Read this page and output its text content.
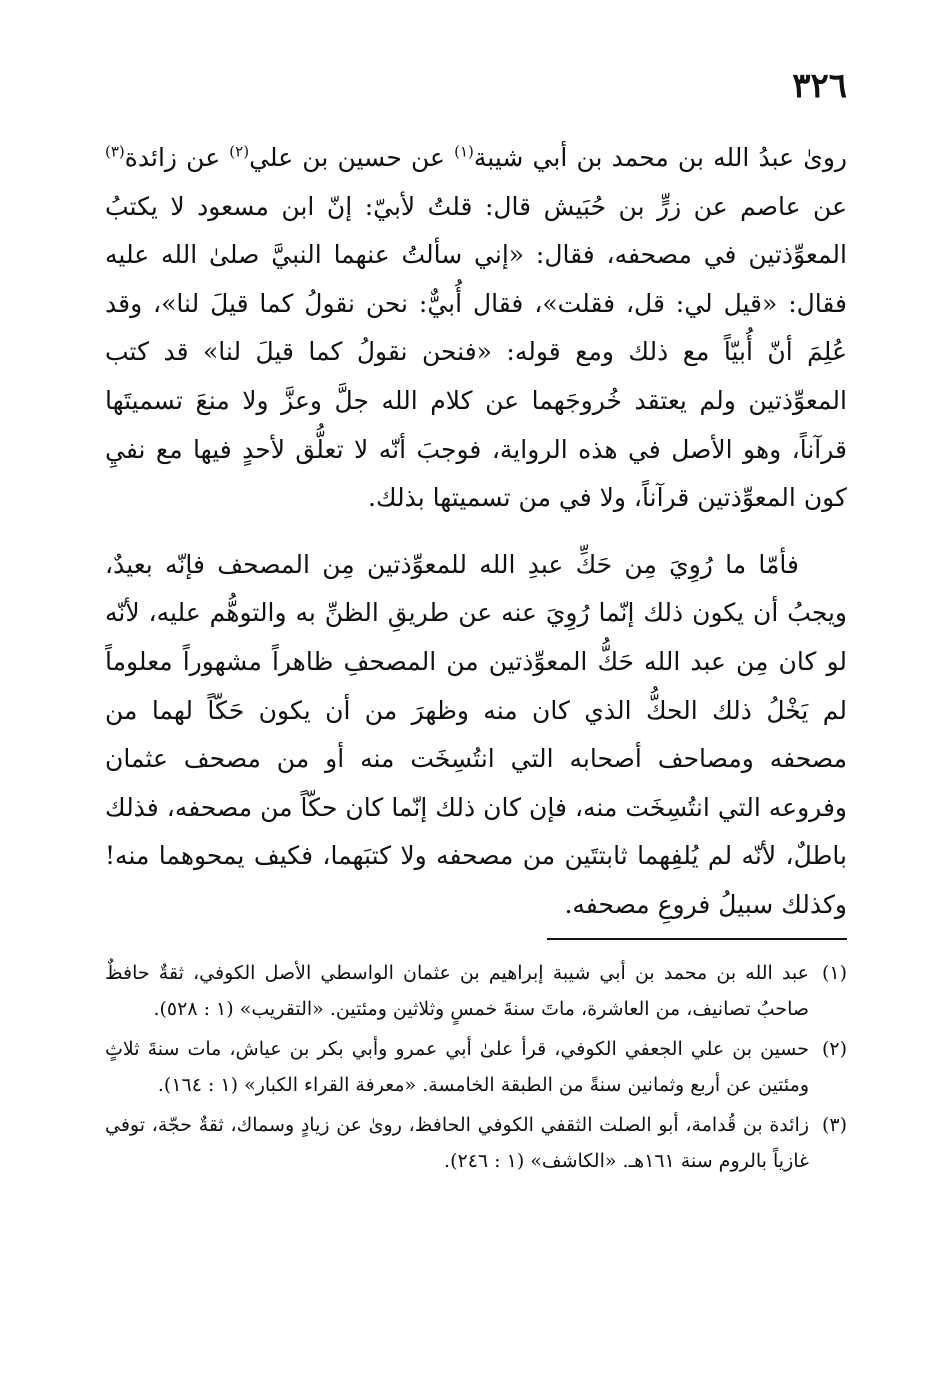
٣٢٦

روىٰ عبدُ الله بن محمد بن أبي شيبة$^{(١)}$ عن حسين بن علي$^{(٢)}$ عن زائدة$^{(٣)}$ عن عاصم عن زرٍّ بن حُبَيش قال: قلتُ لأبيّ: إنّ ابن مسعود لا يكتبُ المعوِّذتين في مصحفه، فقال: «إني سألتُ عنهما النبيَّ صلىٰ الله عليه فقال: «قيل لي: قل، فقلت»، فقال أُبيٌّ: نحن نقولُ كما قيلَ لنا»، وقد عُلِمَ أنّ أُبيّاً مع ذلك ومع قوله: «فنحن نقولُ كما قيلَ لنا» قد كتب المعوِّذتين ولم يعتقد خُروجَهما عن كلام الله جلَّ وعزَّ ولا منعَ تسميتَها قرآناً، وهو الأصل في هذه الرواية، فوجبَ أنّه لا تعلُّق لأحدٍ فيها مع نفيِ كون المعوِّذتين قرآناً، ولا في من تسميتها بذلك.

فأمّا ما رُوِيَ مِن حَكِّ عبدِ الله للمعوِّذتين مِن المصحف فإنّه بعيدٌ، ويجبُ أن يكون ذلك إنّما رُوِيَ عنه عن طريقِ الظنِّ به والتوهُّم عليه، لأنّه لو كان مِن عبد الله حَكُّ المعوِّذتين من المصحفِ ظاهراً مشهوراً معلوماً لم يَخْلُ ذلك الحكُّ الذي كان منه وظهرَ من أن يكون حَكّاً لهما من مصحفه ومصاحف أصحابه التي انتُسِخَت منه أو من مصحف عثمان وفروعه التي انتُسِخَت منه، فإن كان ذلك إنّما كان حكّاً من مصحفه، فذلك باطلٌ، لأنّه لم يُلفِهما ثابتتَين من مصحفه ولا كتبَهما، فكيف يمحوهما منه! وكذلك سبيلُ فروعِ مصحفه.

(١)
عبد الله بن محمد بن أبي شيبة إبراهيم بن عثمان الواسطي الأصل الكوفي، ثقةٌ حافظٌ صاحبُ تصانيف، من العاشرة، ماتَ سنةَ خمسٍ وثلاثين ومئتين. «التقريب» (١ : ٥٢٨).
(٢)
حسين بن علي الجعفي الكوفي، قرأ علىٰ أبي عمرو وأبي بكر بن عياش، مات سنةَ ثلاثٍ ومئتين عن أربع وثمانين سنةً من الطبقة الخامسة. «معرفة القراء الكبار» (١ : ١٦٤).
(٣)
زائدة بن قُدامة، أبو الصلت الثقفي الكوفي الحافظ، روىٰ عن زيادٍ وسماك، ثقةٌ حجّة، توفي غازياً بالروم سنة ١٦١هـ. «الكاشف» (١ : ٢٤٦).
